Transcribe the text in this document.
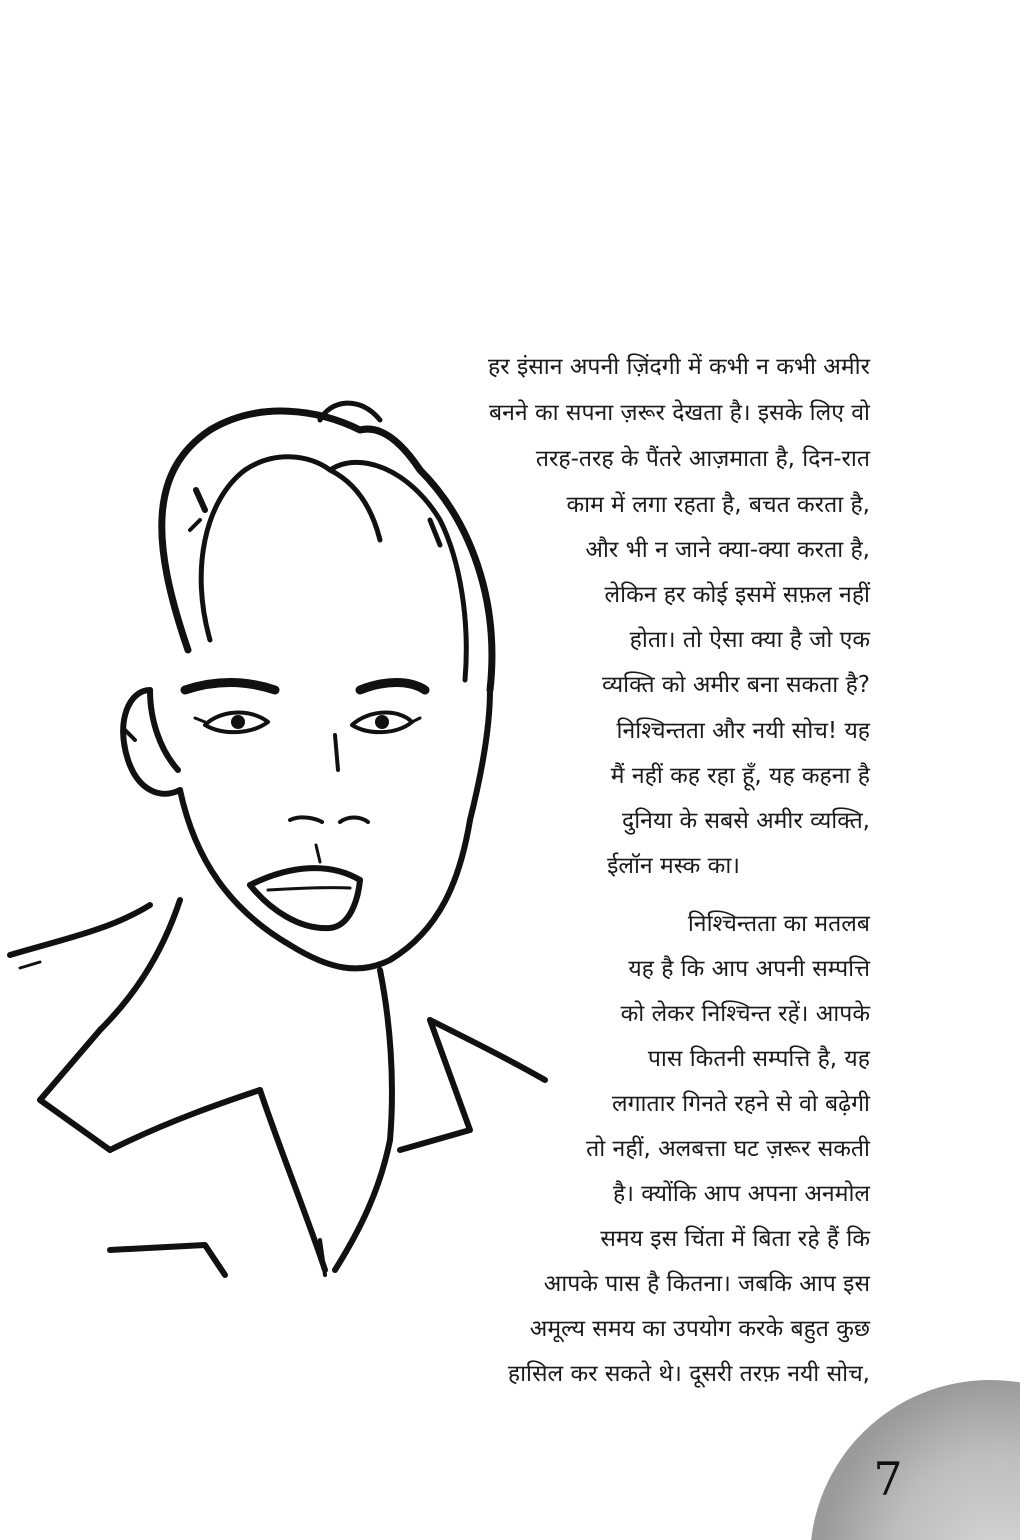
हर इंसान अपनी ज़िंदगी में कभी न कभी अमीर
बनने का सपना ज़रूर देखता है। इसके लिए वो
तरह-तरह के पैंतरे आज़माता है, दिन-रात
काम में लगा रहता है, बचत करता है,
और भी न जाने क्या-क्या करता है,
लेकिन हर कोई इसमें सफ़ल नहीं
होता। तो ऐसा क्या है जो एक
व्यक्ति को अमीर बना सकता है?
निश्चिन्तता और नयी सोच! यह
मैं नहीं कह रहा हूँ, यह कहना है
दुनिया के सबसे अमीर व्यक्ति,
ईलॉन मस्क का।
निश्चिन्तता का मतलब
यह है कि आप अपनी सम्पत्ति
को लेकर निश्चिन्त रहें। आपके
पास कितनी सम्पत्ति है, यह
लगातार गिनते रहने से वो बढ़ेगी
तो नहीं, अलबत्ता घट ज़रूर सकती
है। क्योंकि आप अपना अनमोल
समय इस चिंता में बिता रहे हैं कि
आपके पास है कितना। जबकि आप इस
अमूल्य समय का उपयोग करके बहुत कुछ
हासिल कर सकते थे। दूसरी तरफ़ नयी सोच,
7
